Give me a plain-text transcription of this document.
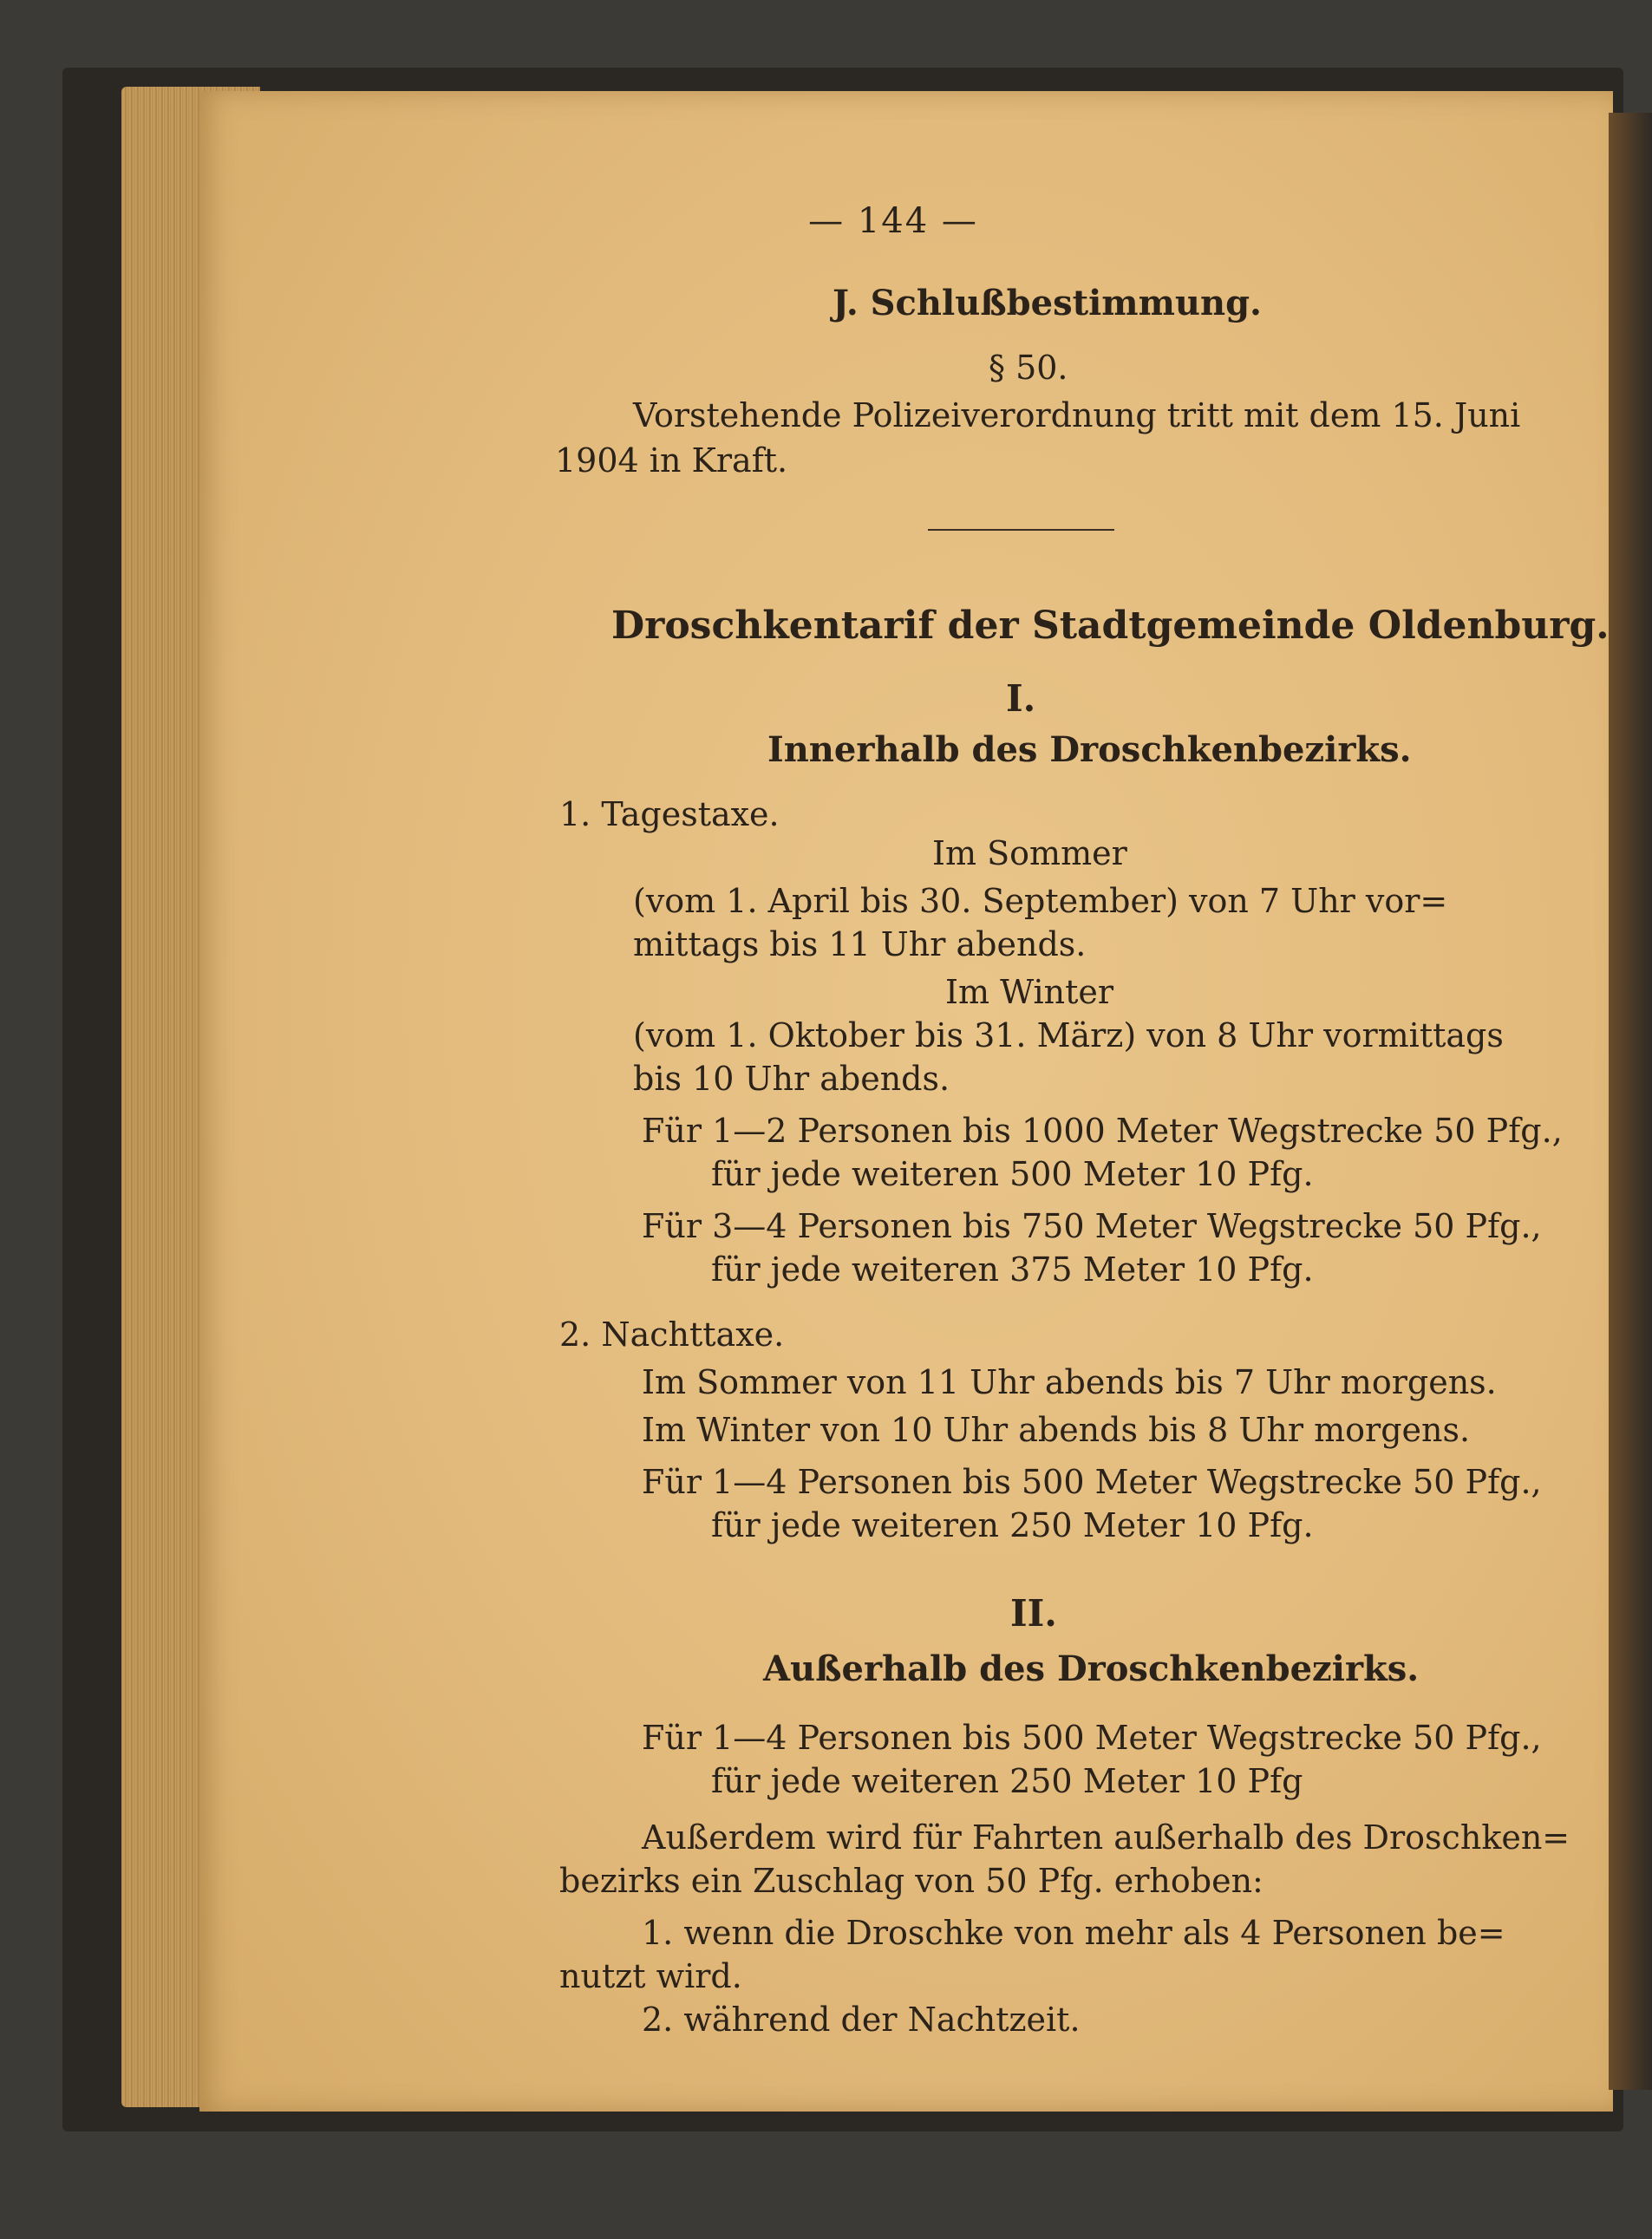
— 144 —
J. Schlußbestimmung.
§ 50.
Vorstehende Polizeiverordnung tritt mit dem 15. Juni
1904 in Kraft.
Droschkentarif der Stadtgemeinde Oldenburg.
I.
Innerhalb des Droschkenbezirks.
1. Tagestaxe.
Im Sommer
(vom 1. April bis 30. September) von 7 Uhr vor=
mittags bis 11 Uhr abends.
Im Winter
(vom 1. Oktober bis 31. März) von 8 Uhr vormittags
bis 10 Uhr abends.
Für 1—2 Personen bis 1000 Meter Wegstrecke 50 Pfg.,
für jede weiteren 500 Meter 10 Pfg.
Für 3—4 Personen bis 750 Meter Wegstrecke 50 Pfg.,
für jede weiteren 375 Meter 10 Pfg.
2. Nachttaxe.
Im Sommer von 11 Uhr abends bis 7 Uhr morgens.
Im Winter von 10 Uhr abends bis 8 Uhr morgens.
Für 1—4 Personen bis 500 Meter Wegstrecke 50 Pfg.,
für jede weiteren 250 Meter 10 Pfg.
II.
Außerhalb des Droschkenbezirks.
Für 1—4 Personen bis 500 Meter Wegstrecke 50 Pfg.,
für jede weiteren 250 Meter 10 Pfg
Außerdem wird für Fahrten außerhalb des Droschken=
bezirks ein Zuschlag von 50 Pfg. erhoben:
1. wenn die Droschke von mehr als 4 Personen be=
nutzt wird.
2. während der Nachtzeit.
